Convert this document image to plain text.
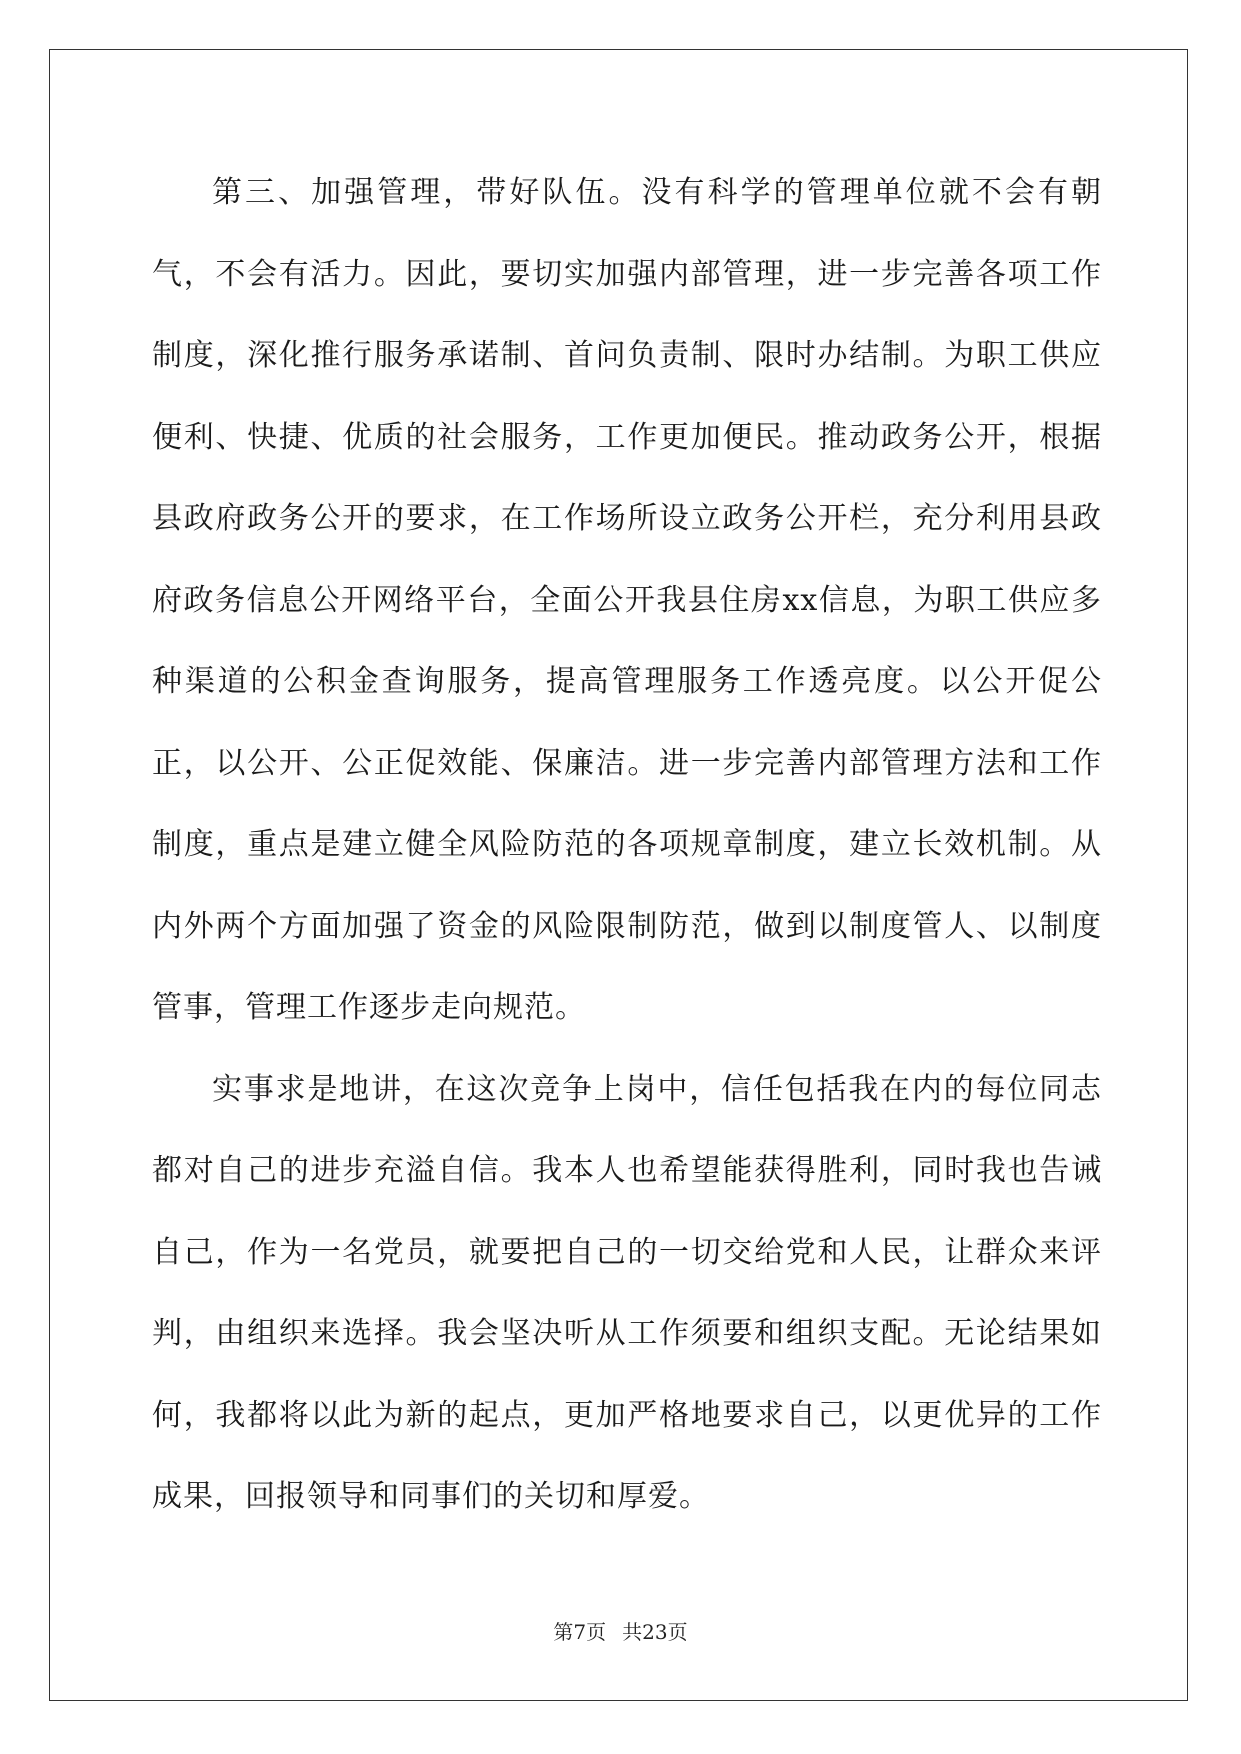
第三、加强管理，带好队伍。没有科学的管理单位就不会有朝气，不会有活力。因此，要切实加强内部管理，进一步完善各项工作制度，深化推行服务承诺制、首问负责制、限时办结制。为职工供应便利、快捷、优质的社会服务，工作更加便民。推动政务公开，根据县政府政务公开的要求，在工作场所设立政务公开栏，充分利用县政府政务信息公开网络平台，全面公开我县住房xx信息，为职工供应多种渠道的公积金查询服务，提高管理服务工作透亮度。以公开促公正，以公开、公正促效能、保廉洁。进一步完善内部管理方法和工作制度，重点是建立健全风险防范的各项规章制度，建立长效机制。从内外两个方面加强了资金的风险限制防范，做到以制度管人、以制度管事，管理工作逐步走向规范。

实事求是地讲，在这次竞争上岗中，信任包括我在内的每位同志都对自己的进步充溢自信。我本人也希望能获得胜利，同时我也告诫自己，作为一名党员，就要把自己的一切交给党和人民，让群众来评判，由组织来选择。我会坚决听从工作须要和组织支配。无论结果如何，我都将以此为新的起点，更加严格地要求自己，以更优异的工作成果，回报领导和同事们的关切和厚爱。

第7页 共23页
